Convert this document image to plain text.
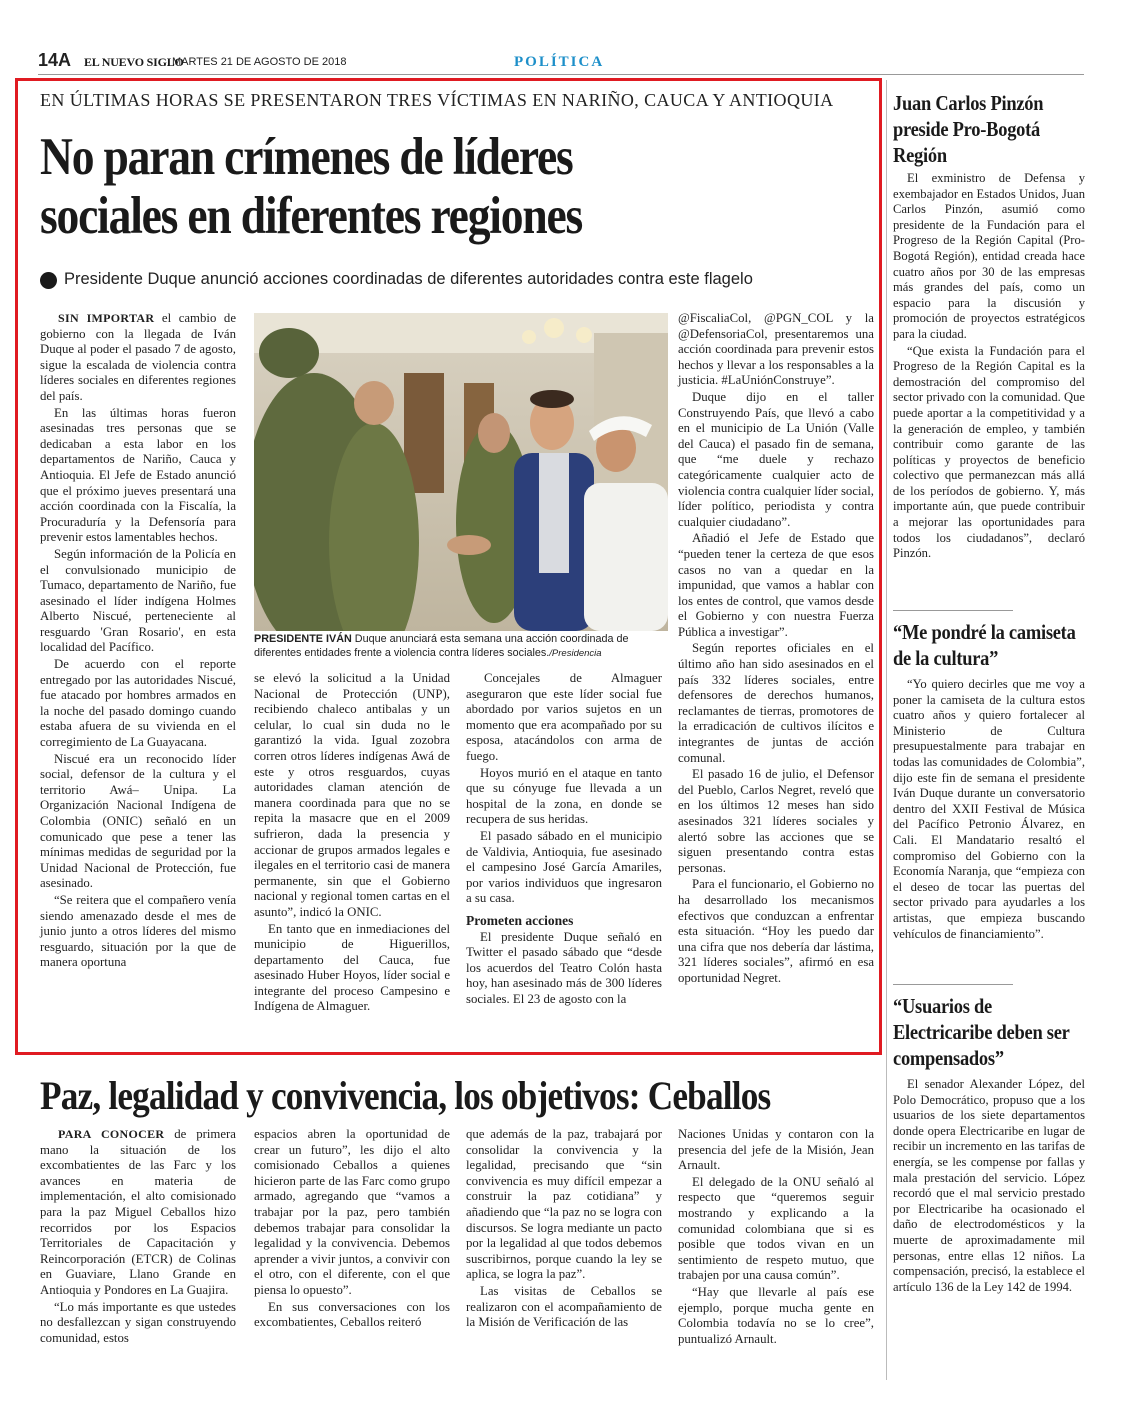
14A EL NUEVO SIGLO
MARTES 21 DE AGOSTO DE 2018	POLÍTICA
EN ÚLTIMAS HORAS SE PRESENTARON TRES VÍCTIMAS EN NARIÑO, CAUCA Y ANTIOQUIA
No paran crímenes de líderes
sociales en diferentes regiones
Presidente Duque anunció acciones coordinadas de diferentes autoridades contra este flagelo

SIN IMPORTAR el cambio de gobierno con la llegada de Iván Duque al poder el pasado 7 de agosto, sigue la escalada de violencia contra líderes sociales en diferentes regiones del país.

En las últimas horas fueron asesinadas tres personas que se dedicaban a esta labor en los departamentos de Nariño, Cauca y Antioquia. El Jefe de Estado anunció que el próximo jueves presentará una acción coordinada con la Fiscalía, la Procuraduría y la Defensoría para prevenir estos lamentables hechos.

Según información de la Policía en el convulsionado municipio de Tumaco, departamento de Nariño, fue asesinado el líder indígena Holmes Alberto Niscué, perteneciente al resguardo 'Gran Rosario', en esta localidad del Pacífico.

De acuerdo con el reporte entregado por las autoridades Niscué, fue atacado por hombres armados en la noche del pasado domingo cuando estaba afuera de su vivienda en el corregimiento de La Guayacana.

Niscué era un reconocido líder social, defensor de la cultura y el territorio Awá– Unipa. La Organización Nacional Indígena de Colombia (ONIC) señaló en un comunicado que pese a tener las mínimas medidas de seguridad por la Unidad Nacional de Protección, fue asesinado.

“Se reitera que el compañero venía siendo amenazado desde el mes de junio junto a otros líderes del mismo resguardo, situación por la que de manera oportuna

PRESIDENTE IVÁN Duque anunciará esta semana una acción coordinada de diferentes entidades frente a violencia contra líderes sociales./Presidencia

se elevó la solicitud a la Unidad Nacional de Protección (UNP), recibiendo chaleco antibalas y un celular, lo cual sin duda no le garantizó la vida. Igual zozobra corren otros líderes indígenas Awá de este y otros resguardos, cuyas autoridades claman atención de manera coordinada para que no se repita la masacre que en el 2009 sufrieron, dada la presencia y accionar de grupos armados legales e ilegales en el territorio casi de manera permanente, sin que el Gobierno nacional y regional tomen cartas en el asunto”, indicó la ONIC.

En tanto que en inmediaciones del municipio de Higuerillos, departamento del Cauca, fue asesinado Huber Hoyos, líder social e integrante del proceso Campesino e Indígena de Almaguer.

Concejales de Almaguer aseguraron que este líder social fue abordado por varios sujetos en un momento que era acompañado por su esposa, atacándolos con arma de fuego.

Hoyos murió en el ataque en tanto que su cónyuge fue llevada a un hospital de la zona, en donde se recupera de sus heridas.

El pasado sábado en el municipio de Valdivia, Antioquia, fue asesinado el campesino José García Amariles, por varios individuos que ingresaron a su casa.

Prometen acciones

El presidente Duque señaló en Twitter el pasado sábado que “desde los acuerdos del Teatro Colón hasta hoy, han asesinado más de 300 líderes sociales. El 23 de agosto con la

@FiscaliaCol, @PGN_COL y la @DefensoriaCol, presentaremos una acción coordinada para prevenir estos hechos y llevar a los responsables a la justicia. #LaUniónConstruye”.

Duque dijo en el taller Construyendo País, que llevó a cabo en el municipio de La Unión (Valle del Cauca) el pasado fin de semana, que “me duele y rechazo categóricamente cualquier acto de violencia contra cualquier líder social, líder político, periodista y contra cualquier ciudadano”.

Añadió el Jefe de Estado que “pueden tener la certeza de que esos casos no van a quedar en la impunidad, que vamos a hablar con los entes de control, que vamos desde el Gobierno y con nuestra Fuerza Pública a investigar”.

Según reportes oficiales en el último año han sido asesinados en el país 332 líderes sociales, entre defensores de derechos humanos, reclamantes de tierras, promotores de la erradicación de cultivos ilícitos e integrantes de juntas de acción comunal.

El pasado 16 de julio, el Defensor del Pueblo, Carlos Negret, reveló que en los últimos 12 meses han sido asesinados 321 líderes sociales y alertó sobre las acciones que se siguen presentando contra estas personas.

Para el funcionario, el Gobierno no ha desarrollado los mecanismos efectivos que conduzcan a enfrentar esta situación. “Hoy les puedo dar una cifra que nos debería dar lástima, 321 líderes sociales”, afirmó en esa oportunidad Negret.

Paz, legalidad y convivencia, los objetivos: Ceballos

PARA CONOCER de primera mano la situación de los excombatientes de las Farc y los avances en materia de implementación, el alto comisionado para la paz Miguel Ceballos hizo recorridos por los Espacios Territoriales de Capacitación y Reincorporación (ETCR) de Colinas en Guaviare, Llano Grande en Antioquia y Pondores en La Guajira.

“Lo más importante es que ustedes no desfallezcan y sigan construyendo comunidad, estos

espacios abren la oportunidad de crear un futuro”, les dijo el alto comisionado Ceballos a quienes hicieron parte de las Farc como grupo armado, agregando que “vamos a trabajar por la paz, pero también debemos trabajar para consolidar la legalidad y la convivencia. Debemos aprender a vivir juntos, a convivir con el otro, con el diferente, con el que piensa lo opuesto”.

En sus conversaciones con los excombatientes, Ceballos reiteró

que además de la paz, trabajará por consolidar la convivencia y la legalidad, precisando que “sin convivencia es muy difícil empezar a construir la paz cotidiana” y añadiendo que “la paz no se logra con discursos. Se logra mediante un pacto por la legalidad al que todos debemos suscribirnos, porque cuando la ley se aplica, se logra la paz”.

Las visitas de Ceballos se realizaron con el acompañamiento de la Misión de Verificación de las

Naciones Unidas y contaron con la presencia del jefe de la Misión, Jean Arnault.

El delegado de la ONU señaló al respecto que “queremos seguir mostrando y explicando a la comunidad colombiana que si es posible que todos vivan en un sentimiento de respeto mutuo, que trabajen por una causa común”.

“Hay que llevarle al país ese ejemplo, porque mucha gente en Colombia todavía no se lo cree”, puntualizó Arnault.

Juan Carlos Pinzón preside Pro-Bogotá Región

El exministro de Defensa y exembajador en Estados Unidos, Juan Carlos Pinzón, asumió como presidente de la Fundación para el Progreso de la Región Capital (Pro-Bogotá Región), entidad creada hace cuatro años por 30 de las empresas más grandes del país, como un espacio para la discusión y promoción de proyectos estratégicos para la ciudad.

“Que exista la Fundación para el Progreso de la Región Capital es la demostración del compromiso del sector privado con la comunidad. Que puede aportar a la competitividad y a la generación de empleo, y también contribuir como garante de las políticas y proyectos de beneficio colectivo que permanezcan más allá de los períodos de gobierno. Y, más importante aún, que puede contribuir a mejorar las oportunidades para todos los ciudadanos”, declaró Pinzón.

“Me pondré la camiseta de la cultura”

“Yo quiero decirles que me voy a poner la camiseta de la cultura estos cuatro años y quiero fortalecer al Ministerio de Cultura presupuestalmente para trabajar en todas las comunidades de Colombia”, dijo este fin de semana el presidente Iván Duque durante un conversatorio dentro del XXII Festival de Música del Pacífico Petronio Álvarez, en Cali. El Mandatario resaltó el compromiso del Gobierno con la Economía Naranja, que “empieza con el deseo de tocar las puertas del sector privado para ayudarles a los artistas, que empieza buscando vehículos de financiamiento”.

“Usuarios de Electricaribe deben ser compensados”

El senador Alexander López, del Polo Democrático, propuso que a los usuarios de los siete departamentos donde opera Electricaribe en lugar de recibir un incremento en las tarifas de energía, se les compense por fallas y mala prestación del servicio. López recordó que el mal servicio prestado por Electricaribe ha ocasionado el daño de electrodomésticos y la muerte de aproximadamente mil personas, entre ellas 12 niños. La compensación, precisó, la establece el artículo 136 de la Ley 142 de 1994.
